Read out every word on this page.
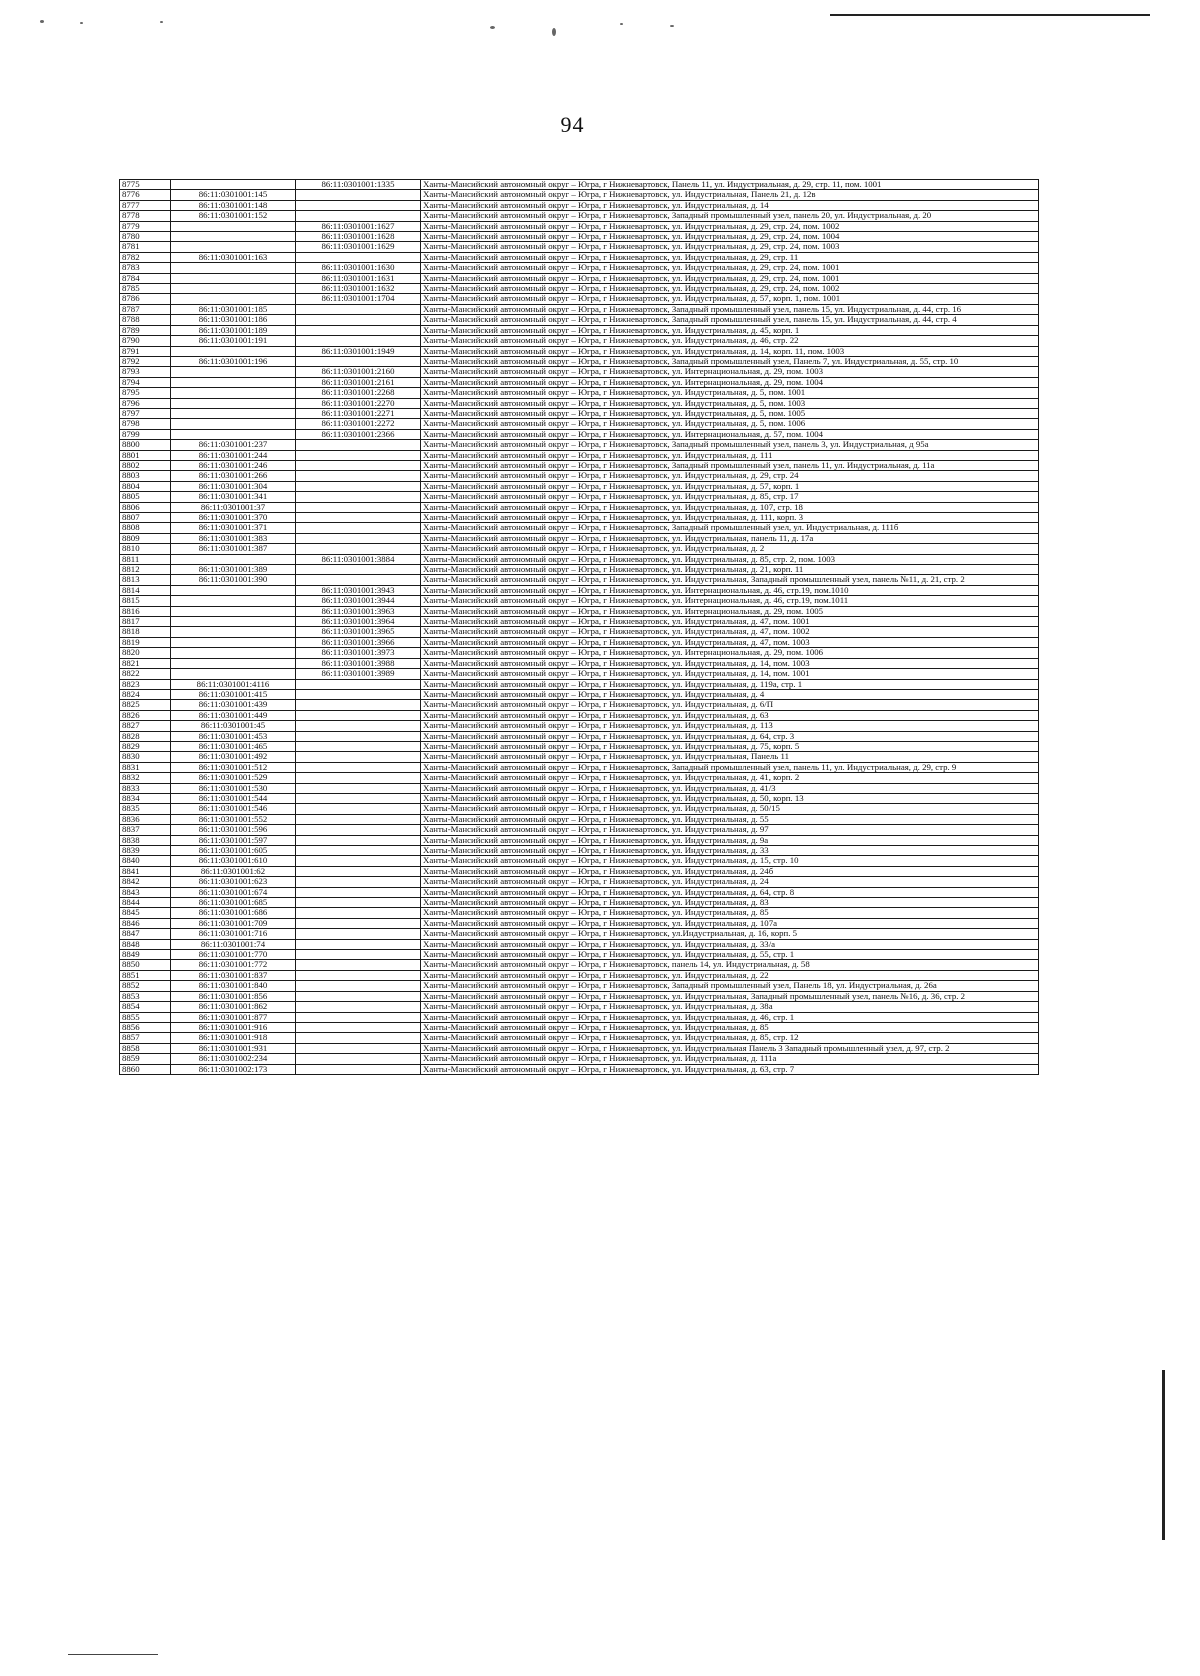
94
8775		86:11:0301001:1335	Ханты-Мансийский автономный округ – Югра, г Нижневартовск, Панель 11, ул. Индустриальная, д. 29, стр. 11, пом. 1001
8776	86:11:0301001:145		Ханты-Мансийский автономный округ – Югра, г Нижневартовск, ул. Индустриальная, Панель 21, д. 12в
8777	86:11:0301001:148		Ханты-Мансийский автономный округ – Югра, г Нижневартовск, ул. Индустриальная, д. 14
8778	86:11:0301001:152		Ханты-Мансийский автономный округ – Югра, г Нижневартовск, Западный промышленный узел, панель 20, ул. Индустриальная, д. 20
8779		86:11:0301001:1627	Ханты-Мансийский автономный округ – Югра, г Нижневартовск, ул. Индустриальная, д. 29, стр. 24, пом. 1002
8780		86:11:0301001:1628	Ханты-Мансийский автономный округ – Югра, г Нижневартовск, ул. Индустриальная, д. 29, стр. 24, пом. 1004
8781		86:11:0301001:1629	Ханты-Мансийский автономный округ – Югра, г Нижневартовск, ул. Индустриальная, д. 29, стр. 24, пом. 1003
8782	86:11:0301001:163		Ханты-Мансийский автономный округ – Югра, г Нижневартовск, ул. Индустриальная, д. 29, стр. 11
8783		86:11:0301001:1630	Ханты-Мансийский автономный округ – Югра, г Нижневартовск, ул. Индустриальная, д. 29, стр. 24, пом. 1001
8784		86:11:0301001:1631	Ханты-Мансийский автономный округ – Югра, г Нижневартовск, ул. Индустриальная, д. 29, стр. 24, пом. 1001
8785		86:11:0301001:1632	Ханты-Мансийский автономный округ – Югра, г Нижневартовск, ул. Индустриальная, д. 29, стр. 24, пом. 1002
8786		86:11:0301001:1704	Ханты-Мансийский автономный округ – Югра, г Нижневартовск, ул. Индустриальная, д. 57, корп. 1, пом. 1001
8787	86:11:0301001:185		Ханты-Мансийский автономный округ – Югра, г Нижневартовск, Западный промышленный узел, панель 15, ул. Индустриальная, д. 44, стр. 16
8788	86:11:0301001:186		Ханты-Мансийский автономный округ – Югра, г Нижневартовск, Западный промышленный узел, панель 15, ул. Индустриальная, д. 44, стр. 4
8789	86:11:0301001:189		Ханты-Мансийский автономный округ – Югра, г Нижневартовск, ул. Индустриальная, д. 45, корп. 1
8790	86:11:0301001:191		Ханты-Мансийский автономный округ – Югра, г Нижневартовск, ул. Индустриальная, д. 46, стр. 22
8791		86:11:0301001:1949	Ханты-Мансийский автономный округ – Югра, г Нижневартовск, ул. Индустриальная, д. 14, корп. 11, пом. 1003
8792	86:11:0301001:196		Ханты-Мансийский автономный округ – Югра, г Нижневартовск, Западный промышленный узел, Панель 7, ул. Индустриальная, д. 55, стр. 10
8793		86:11:0301001:2160	Ханты-Мансийский автономный округ – Югра, г Нижневартовск, ул. Интернациональная, д. 29, пом. 1003
8794		86:11:0301001:2161	Ханты-Мансийский автономный округ – Югра, г Нижневартовск, ул. Интернациональная, д. 29, пом. 1004
8795		86:11:0301001:2268	Ханты-Мансийский автономный округ – Югра, г Нижневартовск, ул. Индустриальная, д. 5, пом. 1001
8796		86:11:0301001:2270	Ханты-Мансийский автономный округ – Югра, г Нижневартовск, ул. Индустриальная, д. 5, пом. 1003
8797		86:11:0301001:2271	Ханты-Мансийский автономный округ – Югра, г Нижневартовск, ул. Индустриальная, д. 5, пом. 1005
8798		86:11:0301001:2272	Ханты-Мансийский автономный округ – Югра, г Нижневартовск, ул. Индустриальная, д. 5, пом. 1006
8799		86:11:0301001:2366	Ханты-Мансийский автономный округ – Югра, г Нижневартовск, ул. Интернациональная, д. 57, пом. 1004
8800	86:11:0301001:237		Ханты-Мансийский автономный округ – Югра, г Нижневартовск, Западный промышленный узел, панель 3, ул. Индустриальная, д 95а
8801	86:11:0301001:244		Ханты-Мансийский автономный округ – Югра, г Нижневартовск, ул. Индустриальная, д. 111
8802	86:11:0301001:246		Ханты-Мансийский автономный округ – Югра, г Нижневартовск, Западный промышленный узел, панель 11, ул. Индустриальная, д. 11а
8803	86:11:0301001:266		Ханты-Мансийский автономный округ – Югра, г Нижневартовск, ул. Индустриальная, д. 29, стр. 24
8804	86:11:0301001:304		Ханты-Мансийский автономный округ – Югра, г Нижневартовск, ул. Индустриальная, д. 57, корп. 1
8805	86:11:0301001:341		Ханты-Мансийский автономный округ – Югра, г Нижневартовск, ул. Индустриальная, д. 85, стр. 17
8806	86:11:0301001:37		Ханты-Мансийский автономный округ – Югра, г Нижневартовск, ул. Индустриальная, д. 107, стр. 18
8807	86:11:0301001:370		Ханты-Мансийский автономный округ – Югра, г Нижневартовск, ул. Индустриальная, д. 111, корп. 3
8808	86:11:0301001:371		Ханты-Мансийский автономный округ – Югра, г Нижневартовск, Западный промышленный узел, ул. Индустриальная, д. 111б
8809	86:11:0301001:383		Ханты-Мансийский автономный округ – Югра, г Нижневартовск, ул. Индустриальная, панель 11, д. 17а
8810	86:11:0301001:387		Ханты-Мансийский автономный округ – Югра, г Нижневартовск, ул. Индустриальная, д. 2
8811		86:11:0301001:3884	Ханты-Мансийский автономный округ – Югра, г Нижневартовск, ул. Индустриальная, д. 85, стр. 2, пом. 1003
8812	86:11:0301001:389		Ханты-Мансийский автономный округ – Югра, г Нижневартовск, ул. Индустриальная, д. 21, корп. 11
8813	86:11:0301001:390		Ханты-Мансийский автономный округ – Югра, г Нижневартовск, ул. Индустриальная, Западный промышленный узел, панель №11, д. 21, стр. 2
8814		86:11:0301001:3943	Ханты-Мансийский автономный округ – Югра, г Нижневартовск, ул. Интернациональная, д. 46, стр.19, пом.1010
8815		86:11:0301001:3944	Ханты-Мансийский автономный округ – Югра, г Нижневартовск, ул. Интернациональная, д. 46, стр.19, пом.1011
8816		86:11:0301001:3963	Ханты-Мансийский автономный округ – Югра, г Нижневартовск, ул. Интернациональная, д. 29, пом. 1005
8817		86:11:0301001:3964	Ханты-Мансийский автономный округ – Югра, г Нижневартовск, ул. Индустриальная, д. 47, пом. 1001
8818		86:11:0301001:3965	Ханты-Мансийский автономный округ – Югра, г Нижневартовск, ул. Индустриальная, д. 47, пом. 1002
8819		86:11:0301001:3966	Ханты-Мансийский автономный округ – Югра, г Нижневартовск, ул. Индустриальная, д. 47, пом. 1003
8820		86:11:0301001:3973	Ханты-Мансийский автономный округ – Югра, г Нижневартовск, ул. Интернациональная, д. 29, пом. 1006
8821		86:11:0301001:3988	Ханты-Мансийский автономный округ – Югра, г Нижневартовск, ул. Индустриальная, д. 14, пом. 1003
8822		86:11:0301001:3989	Ханты-Мансийский автономный округ – Югра, г Нижневартовск, ул. Индустриальная, д. 14, пом. 1001
8823	86:11:0301001:4116		Ханты-Мансийский автономный округ – Югра, г Нижневартовск, ул. Индустриальная, д. 119а, стр. 1
8824	86:11:0301001:415		Ханты-Мансийский автономный округ – Югра, г Нижневартовск, ул. Индустриальная, д. 4
8825	86:11:0301001:439		Ханты-Мансийский автономный округ – Югра, г Нижневартовск, ул. Индустриальная, д. 6/П
8826	86:11:0301001:449		Ханты-Мансийский автономный округ – Югра, г Нижневартовск, ул. Индустриальная, д. 63
8827	86:11:0301001:45		Ханты-Мансийский автономный округ – Югра, г Нижневартовск, ул. Индустриальная, д. 113
8828	86:11:0301001:453		Ханты-Мансийский автономный округ – Югра, г Нижневартовск, ул. Индустриальная, д. 64, стр. 3
8829	86:11:0301001:465		Ханты-Мансийский автономный округ – Югра, г Нижневартовск, ул. Индустриальная, д. 75, корп. 5
8830	86:11:0301001:492		Ханты-Мансийский автономный округ – Югра, г Нижневартовск, ул. Индустриальная, Панель 11
8831	86:11:0301001:512		Ханты-Мансийский автономный округ – Югра, г Нижневартовск, Западный промышленный узел, панель 11, ул. Индустриальная, д. 29, стр. 9
8832	86:11:0301001:529		Ханты-Мансийский автономный округ – Югра, г Нижневартовск, ул. Индустриальная, д. 41, корп. 2
8833	86:11:0301001:530		Ханты-Мансийский автономный округ – Югра, г Нижневартовск, ул. Индустриальная, д. 41/3
8834	86:11:0301001:544		Ханты-Мансийский автономный округ – Югра, г Нижневартовск, ул. Индустриальная, д. 50, корп. 13
8835	86:11:0301001:546		Ханты-Мансийский автономный округ – Югра, г Нижневартовск, ул. Индустриальная, д. 50/15
8836	86:11:0301001:552		Ханты-Мансийский автономный округ – Югра, г Нижневартовск, ул. Индустриальная, д. 55
8837	86:11:0301001:596		Ханты-Мансийский автономный округ – Югра, г Нижневартовск, ул. Индустриальная, д. 97
8838	86:11:0301001:597		Ханты-Мансийский автономный округ – Югра, г Нижневартовск, ул. Индустриальная, д. 9а
8839	86:11:0301001:605		Ханты-Мансийский автономный округ – Югра, г Нижневартовск, ул. Индустриальная, д. 33
8840	86:11:0301001:610		Ханты-Мансийский автономный округ – Югра, г Нижневартовск, ул. Индустриальная, д. 15, стр. 10
8841	86:11:0301001:62		Ханты-Мансийский автономный округ – Югра, г Нижневартовск, ул. Индустриальная, д. 24б
8842	86:11:0301001:623		Ханты-Мансийский автономный округ – Югра, г Нижневартовск, ул. Индустриальная, д. 24
8843	86:11:0301001:674		Ханты-Мансийский автономный округ – Югра, г Нижневартовск, ул. Индустриальная, д. 64, стр. 8
8844	86:11:0301001:685		Ханты-Мансийский автономный округ – Югра, г Нижневартовск, ул. Индустриальная, д. 83
8845	86:11:0301001:686		Ханты-Мансийский автономный округ – Югра, г Нижневартовск, ул. Индустриальная, д. 85
8846	86:11:0301001:709		Ханты-Мансийский автономный округ – Югра, г Нижневартовск, ул. Индустриальная, д. 107а
8847	86:11:0301001:716		Ханты-Мансийский автономный округ – Югра, г Нижневартовск, ул.Индустриальная, д. 16, корп. 5
8848	86:11:0301001:74		Ханты-Мансийский автономный округ – Югра, г Нижневартовск, ул. Индустриальная, д. 33/а
8849	86:11:0301001:770		Ханты-Мансийский автономный округ – Югра, г Нижневартовск, ул. Индустриальная, д. 55, стр. 1
8850	86:11:0301001:772		Ханты-Мансийский автономный округ – Югра, г Нижневартовск, панель 14, ул. Индустриальная, д. 58
8851	86:11:0301001:837		Ханты-Мансийский автономный округ – Югра, г Нижневартовск, ул. Индустриальная, д. 22
8852	86:11:0301001:840		Ханты-Мансийский автономный округ – Югра, г Нижневартовск, Западный промышленный узел, Панель 18, ул. Индустриальная, д. 26а
8853	86:11:0301001:856		Ханты-Мансийский автономный округ – Югра, г Нижневартовск, ул. Индустриальная, Западный промышленный узел, панель №16, д. 36, стр. 2
8854	86:11:0301001:862		Ханты-Мансийский автономный округ – Югра, г Нижневартовск, ул. Индустриальная, д. 38а
8855	86:11:0301001:877		Ханты-Мансийский автономный округ – Югра, г Нижневартовск, ул. Индустриальная, д. 46, стр. 1
8856	86:11:0301001:916		Ханты-Мансийский автономный округ – Югра, г Нижневартовск, ул. Индустриальная, д. 85
8857	86:11:0301001:918		Ханты-Мансийский автономный округ – Югра, г Нижневартовск, ул. Индустриальная, д. 85, стр. 12
8858	86:11:0301001:931		Ханты-Мансийский автономный округ – Югра, г Нижневартовск, ул. Индустриальная Панель 3 Западный промышленный узел, д. 97, стр. 2
8859	86:11:0301002:234		Ханты-Мансийский автономный округ – Югра, г Нижневартовск, ул. Индустриальная, д. 111а
8860	86:11:0301002:173		Ханты-Мансийский автономный округ – Югра, г Нижневартовск, ул. Индустриальная, д. 63, стр. 7
